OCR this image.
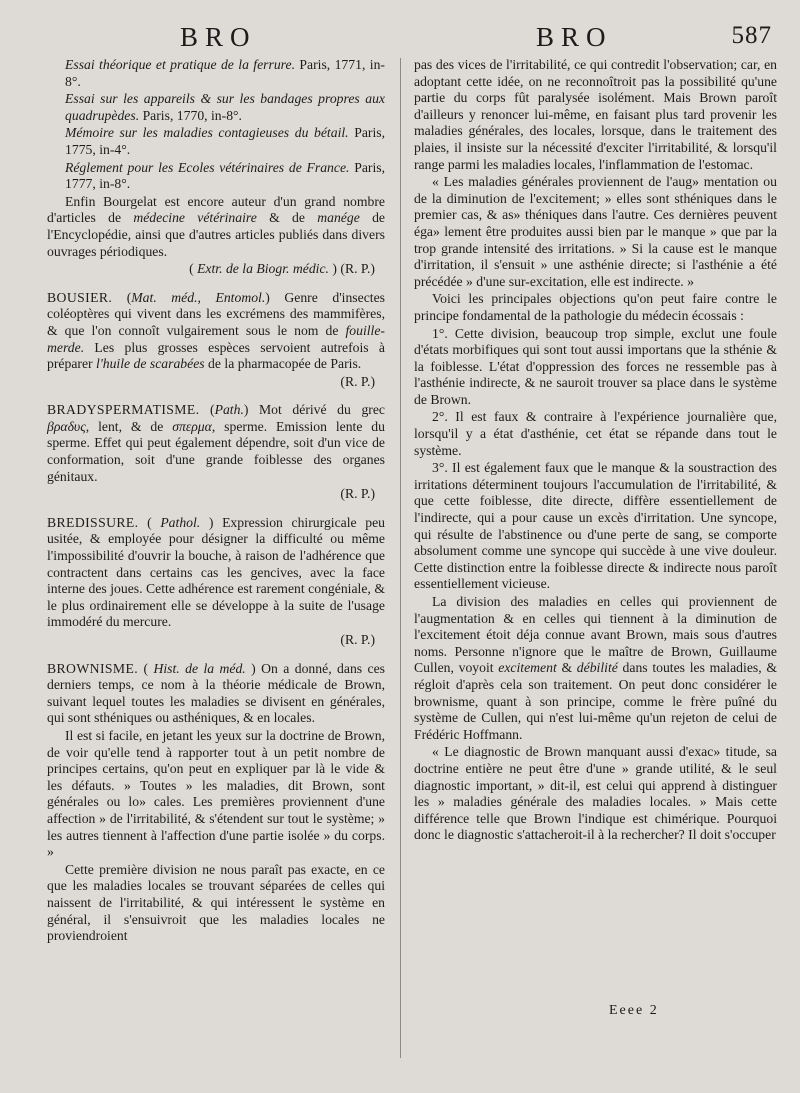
BRO	BRO	587

Essai théorique et pratique de la ferrure. Paris, 1771, in-8°.

Essai sur les appareils & sur les bandages propres aux quadrupèdes. Paris, 1770, in-8°.

Mémoire sur les maladies contagieuses du bétail. Paris, 1775, in-4°.

Réglement pour les Ecoles vétérinaires de France. Paris, 1777, in-8°.

Enfin Bourgelat est encore auteur d'un grand nombre d'articles de médecine vétérinaire & de manége de l'Encyclopédie, ainsi que d'autres articles publiés dans divers ouvrages périodiques.

( Extr. de la Biogr. médic. ) (R. P.)

BOUSIER. (Mat. méd., Entomol.) Genre d'insectes coléoptères qui vivent dans les excrémens des mammifères, & que l'on connoît vulgairement sous le nom de fouille-merde. Les plus grosses espèces servoient autrefois à préparer l'huile de scarabées de la pharmacopée de Paris.

(R. P.)

BRADYSPERMATISME. (Path.) Mot dérivé du grec βραδυς, lent, & de σπερμα, sperme. Emission lente du sperme. Effet qui peut également dépendre, soit d'un vice de conformation, soit d'une grande foiblesse des organes génitaux.

(R. P.)

BREDISSURE. ( Pathol. ) Expression chirurgicale peu usitée, & employée pour désigner la difficulté ou même l'impossibilité d'ouvrir la bouche, à raison de l'adhérence que contractent dans certains cas les gencives, avec la face interne des joues. Cette adhérence est rarement congéniale, & le plus ordinairement elle se développe à la suite de l'usage immodéré du mercure.

(R. P.)

BROWNISME. ( Hist. de la méd. ) On a donné, dans ces derniers temps, ce nom à la théorie médicale de Brown, suivant lequel toutes les maladies se divisent en générales, qui sont sthéniques ou asthéniques, & en locales.

Il est si facile, en jetant les yeux sur la doctrine de Brown, de voir qu'elle tend à rapporter tout à un petit nombre de principes certains, qu'on peut en expliquer par là le vide & les défauts. » Toutes » les maladies, dit Brown, sont générales ou lo» cales. Les premières proviennent d'une affection » de l'irritabilité, & s'étendent sur tout le système; » les autres tiennent à l'affection d'une partie isolée » du corps. »

Cette première division ne nous paraît pas exacte, en ce que les maladies locales se trouvant séparées de celles qui naissent de l'irritabilité, & qui intéressent le système en général, il s'ensuivroit que les maladies locales ne proviendroient

pas des vices de l'irritabilité, ce qui contredit l'observation; car, en adoptant cette idée, on ne reconnoîtroit pas la possibilité qu'une partie du corps fût paralysée isolément. Mais Brown paroît d'ailleurs y renoncer lui-même, en faisant plus tard provenir les maladies générales, des locales, lorsque, dans le traitement des plaies, il insiste sur la nécessité d'exciter l'irritabilité, & lorsqu'il range parmi les maladies locales, l'inflammation de l'estomac.

« Les maladies générales proviennent de l'aug» mentation ou de la diminution de l'excitement; » elles sont sthéniques dans le premier cas, & as» théniques dans l'autre. Ces dernières peuvent éga» lement être produites aussi bien par le manque » que par la trop grande intensité des irritations. » Si la cause est le manque d'irritation, il s'ensuit » une asthénie directe; si l'asthénie a été précédée » d'une sur-excitation, elle est indirecte. »

Voici les principales objections qu'on peut faire contre le principe fondamental de la pathologie du médecin écossais :

1°. Cette division, beaucoup trop simple, exclut une foule d'états morbifiques qui sont tout aussi importans que la sthénie & la foiblesse. L'état d'oppression des forces ne ressemble pas à l'asthénie indirecte, & ne sauroit trouver sa place dans le système de Brown.

2°. Il est faux & contraire à l'expérience journalière que, lorsqu'il y a état d'asthénie, cet état se répande dans tout le système.

3°. Il est également faux que le manque & la soustraction des irritations déterminent toujours l'accumulation de l'irritabilité, & que cette foiblesse, dite directe, diffère essentiellement de l'indirecte, qui a pour cause un excès d'irritation. Une syncope, qui résulte de l'abstinence ou d'une perte de sang, se comporte absolument comme une syncope qui succède à une vive douleur. Cette distinction entre la foiblesse directe & indirecte nous paroît essentiellement vicieuse.

La division des maladies en celles qui proviennent de l'augmentation & en celles qui tiennent à la diminution de l'excitement étoit déja connue avant Brown, mais sous d'autres noms. Personne n'ignore que le maître de Brown, Guillaume Cullen, voyoit excitement & débilité dans toutes les maladies, & régloit d'après cela son traitement. On peut donc considérer le brownisme, quant à son principe, comme le frère puîné du système de Cullen, qui n'est lui-même qu'un rejeton de celui de Frédéric Hoffmann.

« Le diagnostic de Brown manquant aussi d'exac» titude, sa doctrine entière ne peut être d'une » grande utilité, & le seul diagnostic important, » dit-il, est celui qui apprend à distinguer les » maladies générale des maladies locales. » Mais cette différence telle que Brown l'indique est chimérique. Pourquoi donc le diagnostic s'attacheroit-il à la rechercher? Il doit s'occuper

Eeee 2
